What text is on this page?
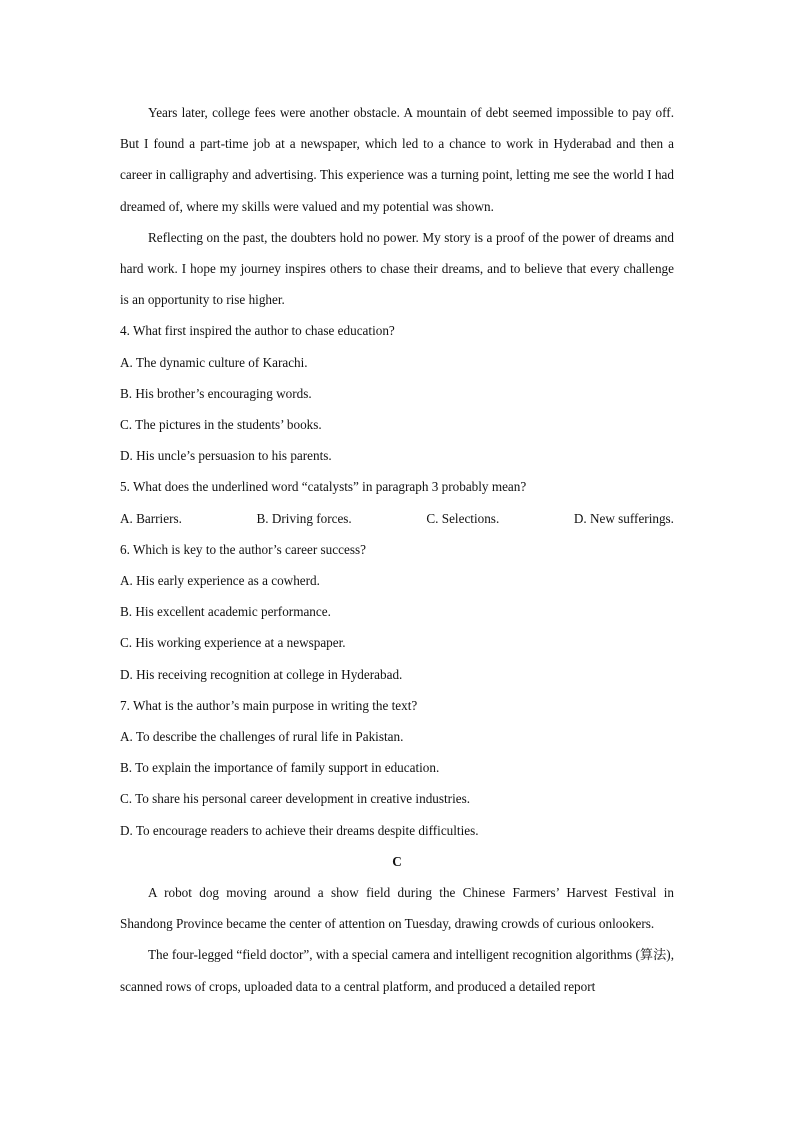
Years later, college fees were another obstacle. A mountain of debt seemed impossible to pay off. But I found a part-time job at a newspaper, which led to a chance to work in Hyderabad and then a career in calligraphy and advertising. This experience was a turning point, letting me see the world I had dreamed of, where my skills were valued and my potential was shown.

Reflecting on the past, the doubters hold no power. My story is a proof of the power of dreams and hard work. I hope my journey inspires others to chase their dreams, and to believe that every challenge is an opportunity to rise higher.

4. What first inspired the author to chase education?

A. The dynamic culture of Karachi.

B. His brother’s encouraging words.

C. The pictures in the students’ books.

D. His uncle’s persuasion to his parents.

5. What does the underlined word “catalysts” in paragraph 3 probably mean?

A. Barriers.	B. Driving forces.	C. Selections.	D. New sufferings.

6. Which is key to the author’s career success?

A. His early experience as a cowherd.

B. His excellent academic performance.

C. His working experience at a newspaper.

D. His receiving recognition at college in Hyderabad.

7. What is the author’s main purpose in writing the text?

A. To describe the challenges of rural life in Pakistan.

B. To explain the importance of family support in education.

C. To share his personal career development in creative industries.

D. To encourage readers to achieve their dreams despite difficulties.

C

A robot dog moving around a show field during the Chinese Farmers’ Harvest Festival in Shandong Province became the center of attention on Tuesday, drawing crowds of curious onlookers.

The four-legged “field doctor”, with a special camera and intelligent recognition algorithms (算法), scanned rows of crops, uploaded data to a central platform, and produced a detailed report
